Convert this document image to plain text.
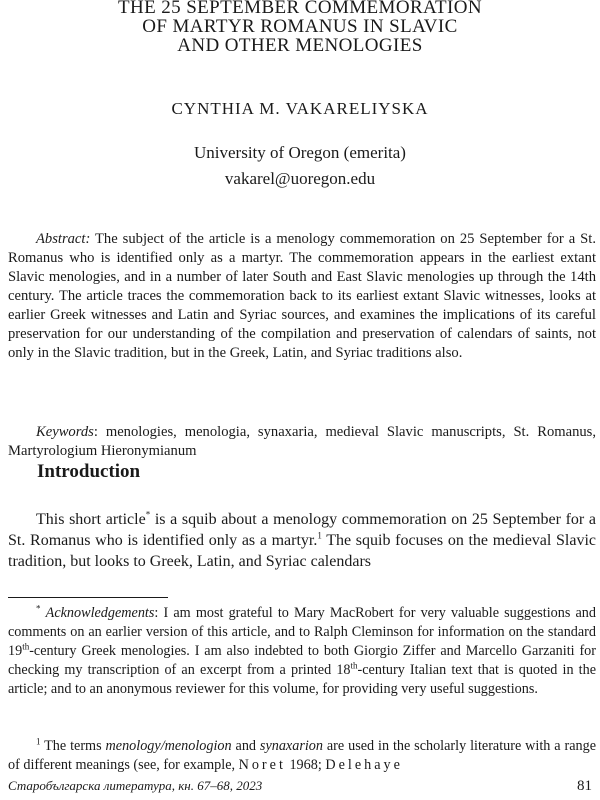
THE 25 SEPTEMBER COMMEMORATION
OF MARTYR ROMANUS IN SLAVIC
AND OTHER MENOLOGIES
CYNTHIA M. VAKARELIYSKA
University of Oregon (emerita)
vakarel@uoregon.edu

Abstract: The subject of the article is a menology commemoration on 25 September for a St. Romanus who is identified only as a martyr. The commemoration appears in the earliest extant Slavic menologies, and in a number of later South and East Slavic menologies up through the 14th century. The article traces the commemoration back to its earliest extant Slavic witnesses, looks at earlier Greek witnesses and Latin and Syriac sources, and examines the implications of its careful preservation for our understanding of the compilation and preservation of calendars of saints, not only in the Slavic tradition, but in the Greek, Latin, and Syriac traditions also.

Keywords: menologies, menologia, synaxaria, medieval Slavic manuscripts, St. Romanus, Martyrologium Hieronymianum

Introduction

This short article* is a squib about a menology commemoration on 25 September for a St. Romanus who is identified only as a martyr.$^1$ The squib focuses on the medieval Slavic tradition, but looks to Greek, Latin, and Syriac calendars

* Acknowledgements: I am most grateful to Mary MacRobert for very valuable suggestions and comments on an earlier version of this article, and to Ralph Cleminson for information on the standard 19th-century Greek menologies. I am also indebted to both Giorgio Ziffer and Marcello Garzaniti for checking my transcription of an excerpt from a printed 18th-century Italian text that is quoted in the article; and to an anonymous reviewer for this volume, for providing very useful suggestions.

$^1$ The terms menology/menologion and synaxarion are used in the scholarly literature with a range of different meanings (see, for example, Noret 1968; Delehaye

Старобългарска литература, кн. 67–68, 2023	81
